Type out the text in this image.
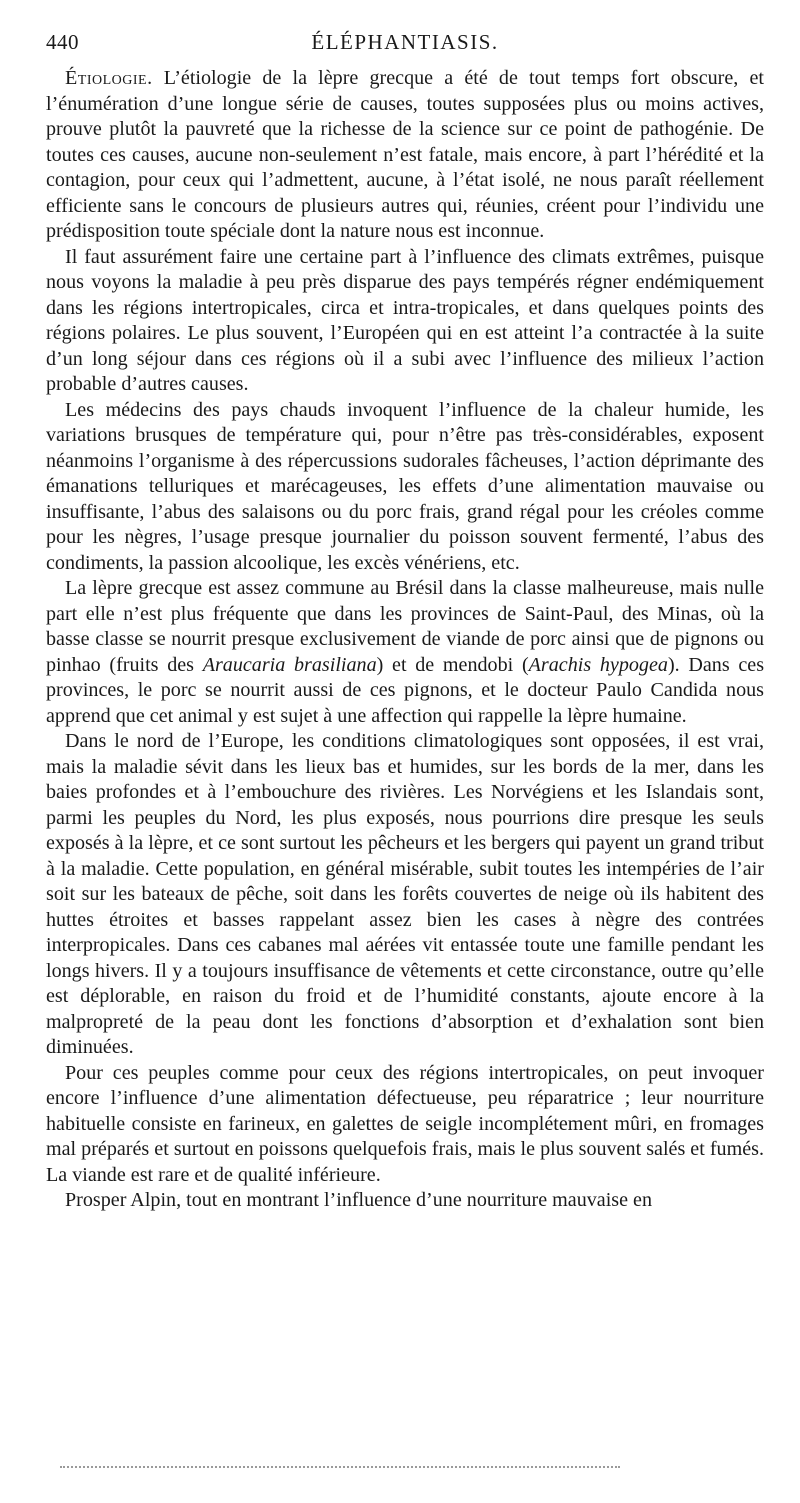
440	ÉLÉPHANTIASIS.

Étiologie. L’étiologie de la lèpre grecque a été de tout temps fort obscure, et l’énumération d’une longue série de causes, toutes supposées plus ou moins actives, prouve plutôt la pauvreté que la richesse de la science sur ce point de pathogénie. De toutes ces causes, aucune non-seulement n’est fatale, mais encore, à part l’hérédité et la contagion, pour ceux qui l’admettent, aucune, à l’état isolé, ne nous paraît réellement efficiente sans le concours de plusieurs autres qui, réunies, créent pour l’individu une prédisposition toute spéciale dont la nature nous est inconnue.

Il faut assurément faire une certaine part à l’influence des climats extrêmes, puisque nous voyons la maladie à peu près disparue des pays tempérés régner endémiquement dans les régions intertropicales, circa et intra-tropicales, et dans quelques points des régions polaires. Le plus souvent, l’Européen qui en est atteint l’a contractée à la suite d’un long séjour dans ces régions où il a subi avec l’influence des milieux l’action probable d’autres causes.

Les médecins des pays chauds invoquent l’influence de la chaleur humide, les variations brusques de température qui, pour n’être pas très-considérables, exposent néanmoins l’organisme à des répercussions sudorales fâcheuses, l’action déprimante des émanations telluriques et marécageuses, les effets d’une alimentation mauvaise ou insuffisante, l’abus des salaisons ou du porc frais, grand régal pour les créoles comme pour les nègres, l’usage presque journalier du poisson souvent fermenté, l’abus des condiments, la passion alcoolique, les excès vénériens, etc.

La lèpre grecque est assez commune au Brésil dans la classe malheureuse, mais nulle part elle n’est plus fréquente que dans les provinces de Saint-Paul, des Minas, où la basse classe se nourrit presque exclusivement de viande de porc ainsi que de pignons ou pinhao (fruits des Araucaria brasiliana) et de mendobi (Arachis hypogea). Dans ces provinces, le porc se nourrit aussi de ces pignons, et le docteur Paulo Candida nous apprend que cet animal y est sujet à une affection qui rappelle la lèpre humaine.

Dans le nord de l’Europe, les conditions climatologiques sont opposées, il est vrai, mais la maladie sévit dans les lieux bas et humides, sur les bords de la mer, dans les baies profondes et à l’embouchure des rivières. Les Norvégiens et les Islandais sont, parmi les peuples du Nord, les plus exposés, nous pourrions dire presque les seuls exposés à la lèpre, et ce sont surtout les pêcheurs et les bergers qui payent un grand tribut à la maladie. Cette population, en général misérable, subit toutes les intempéries de l’air soit sur les bateaux de pêche, soit dans les forêts couvertes de neige où ils habitent des huttes étroites et basses rappelant assez bien les cases à nègre des contrées interpropicales. Dans ces cabanes mal aérées vit entassée toute une famille pendant les longs hivers. Il y a toujours insuffisance de vêtements et cette circonstance, outre qu’elle est déplorable, en raison du froid et de l’humidité constants, ajoute encore à la malpropreté de la peau dont les fonctions d’absorption et d’exhalation sont bien diminuées.

Pour ces peuples comme pour ceux des régions intertropicales, on peut invoquer encore l’influence d’une alimentation défectueuse, peu réparatrice ; leur nourriture habituelle consiste en farineux, en galettes de seigle incomplétement mûri, en fromages mal préparés et surtout en poissons quelquefois frais, mais le plus souvent salés et fumés. La viande est rare et de qualité inférieure.

Prosper Alpin, tout en montrant l’influence d’une nourriture mauvaise en
